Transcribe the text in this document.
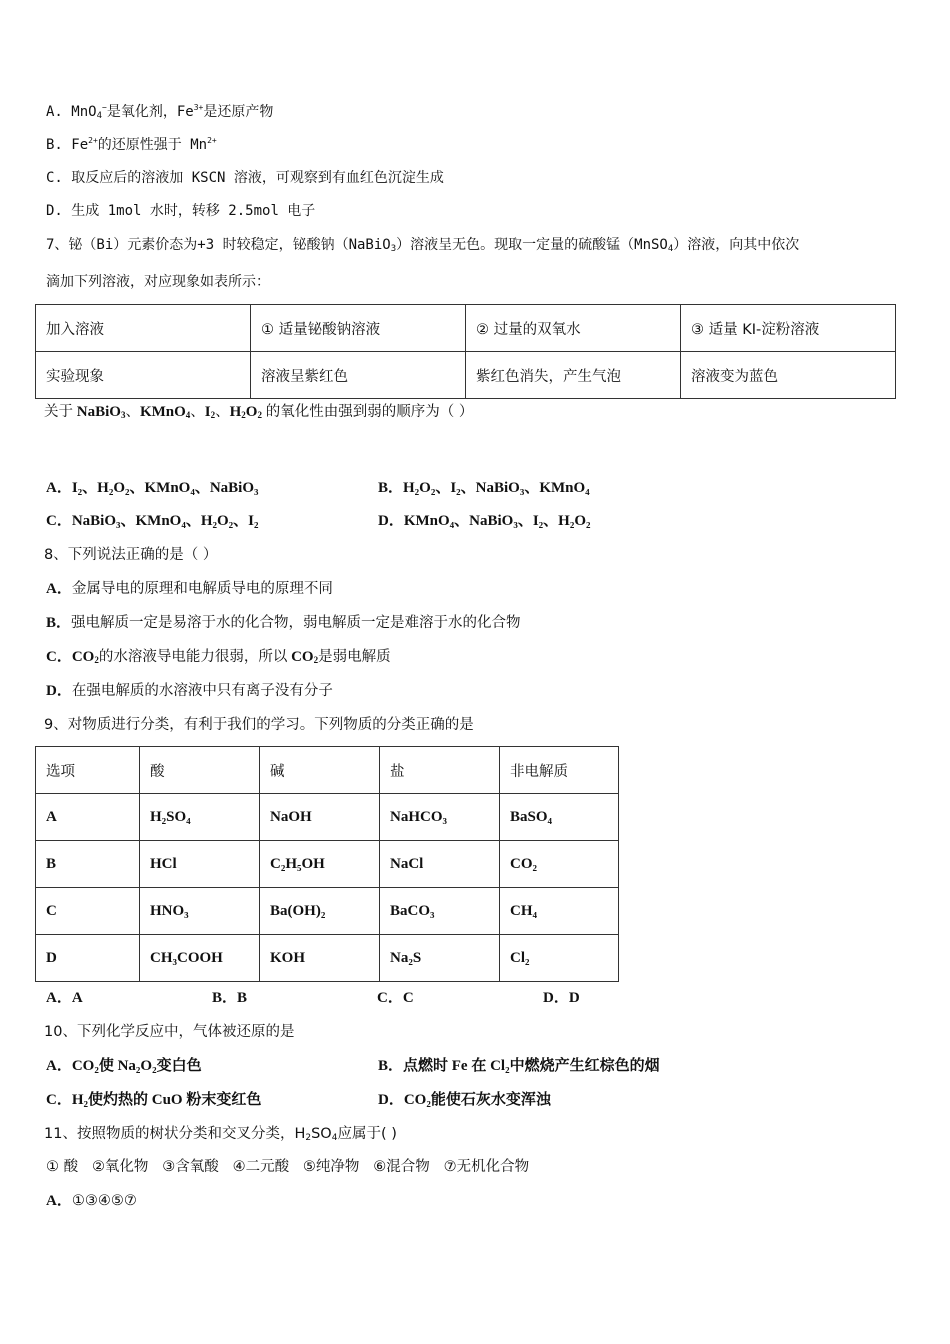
A. MnO$_4$−是氧化剂，$Fe^{3+}$是还原产物
B. $Fe^{2+}$的还原性强于 $Mn^{2+}$
C. 取反应后的溶液加 KSCN 溶液，可观察到有血红色沉淀生成
D. 生成 1mol 水时，转移 2.5mol 电子
7、铋（Bi）元素价态为+3 时较稳定，铋酸钠（NaBiO$_3$）溶液呈无色。现取一定量的硫酸锰（MnSO$_4$）溶液，向其中依次
滴加下列溶液，对应现象如表所示：
加入溶液	① 适量铋酸钠溶液	② 过量的双氧水	③ 适量 KI-淀粉溶液
实验现象	溶液呈紫红色	紫红色消失，产生气泡	溶液变为蓝色
关于 NaBiO$_3$、KMnO$_4$、$I_2$、$H_2O_2$ 的氧化性由强到弱的顺序为（ ）
A．I₂、H₂O₂、KMnO₄、NaBiO₃	B．H₂O₂、I₂、NaBiO₃、KMnO₄
C．NaBiO₃、KMnO₄、H₂O₂、I₂	D．KMnO₄、NaBiO₃、I₂、H₂O₂
8、下列说法正确的是（ ）
A．金属导电的原理和电解质导电的原理不同
B．强电解质一定是易溶于水的化合物，弱电解质一定是难溶于水的化合物
C．$CO_2$的水溶液导电能力很弱，所以 $CO_2$是弱电解质
D．在强电解质的水溶液中只有离子没有分子
9、对物质进行分类，有利于我们的学习。下列物质的分类正确的是
选项	酸	碱	盐	非电解质
A	H₂SO₄	NaOH	NaHCO₃	BaSO₄
B	HCl	C₂H₅OH	NaCl	CO₂
C	HNO₃	Ba(OH)₂	BaCO₃	CH₄
D	CH₃COOH	KOH	Na₂S	Cl₂
A．A	B．B	C．C	D．D
10、下列化学反应中，气体被还原的是
A．CO₂使 Na₂O₂变白色	B．点燃时 Fe 在 Cl₂中燃烧产生红棕色的烟
C．H₂使灼热的 CuO 粉末变红色	D．CO₂能使石灰水变浑浊
11、按照物质的树状分类和交叉分类，$H_2SO_4$应属于( )
① 酸 ②氧化物 ③含氧酸 ④二元酸 ⑤纯净物 ⑥混合物 ⑦无机化合物
A．①③④⑤⑦
